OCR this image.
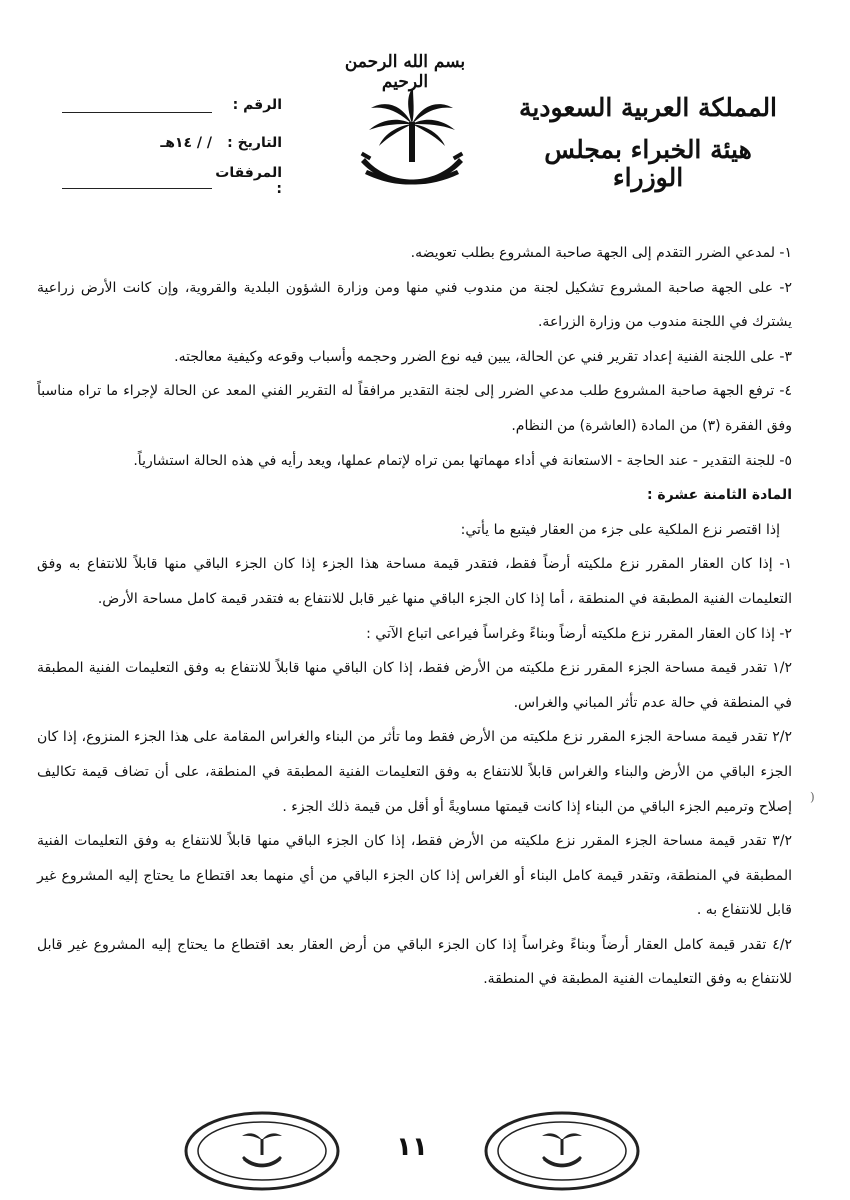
بسم الله الرحمن الرحيم
المملكة العربية السعودية
هيئة الخبراء بمجلس الوزراء
الرقم :
التاريخ :
/ / ١٤هـ
المرفقات :

١- لمدعي الضرر التقدم إلى الجهة صاحبة المشروع بطلب تعويضه.

٢- على الجهة صاحبة المشروع تشكيل لجنة من مندوب فني منها ومن وزارة الشؤون البلدية والقروية، وإن كانت الأرض زراعية يشترك في اللجنة مندوب من وزارة الزراعة.

٣- على اللجنة الفنية إعداد تقرير فني عن الحالة، يبين فيه نوع الضرر وحجمه وأسباب وقوعه وكيفية معالجته.

٤- ترفع الجهة صاحبة المشروع طلب مدعي الضرر إلى لجنة التقدير مرافقاً له التقرير الفني المعد عن الحالة لإجراء ما تراه مناسباً وفق الفقرة (٣) من المادة (العاشرة) من النظام.

٥- للجنة التقدير - عند الحاجة - الاستعانة في أداء مهماتها بمن تراه لإتمام عملها، ويعد رأيه في هذه الحالة استشارياً.

المادة الثامنة عشرة :

إذا اقتصر نزع الملكية على جزء من العقار فيتبع ما يأتي:

١- إذا كان العقار المقرر نزع ملكيته أرضاً فقط، فتقدر قيمة مساحة هذا الجزء إذا كان الجزء الباقي منها قابلاً للانتفاع به وفق التعليمات الفنية المطبقة في المنطقة ، أما إذا كان الجزء الباقي منها غير قابل للانتفاع به فتقدر قيمة كامل مساحة الأرض.

٢- إذا كان العقار المقرر نزع ملكيته أرضاً وبناءً وغراساً فيراعى اتباع الآتي :

١/٢ تقدر قيمة مساحة الجزء المقرر نزع ملكيته من الأرض فقط، إذا كان الباقي منها قابلاً للانتفاع به وفق التعليمات الفنية المطبقة في المنطقة في حالة عدم تأثر المباني والغراس.

٢/٢ تقدر قيمة مساحة الجزء المقرر نزع ملكيته من الأرض فقط وما تأثر من البناء والغراس المقامة على هذا الجزء المنزوع، إذا كان الجزء الباقي من الأرض والبناء والغراس قابلاً للانتفاع به وفق التعليمات الفنية المطبقة في المنطقة، على أن تضاف قيمة تكاليف إصلاح وترميم الجزء الباقي من البناء إذا كانت قيمتها مساويةً أو أقل من قيمة ذلك الجزء .

٣/٢ تقدر قيمة مساحة الجزء المقرر نزع ملكيته من الأرض فقط، إذا كان الجزء الباقي منها قابلاً للانتفاع به وفق التعليمات الفنية المطبقة في المنطقة، وتقدر قيمة كامل البناء أو الغراس إذا كان الجزء الباقي من أي منهما بعد اقتطاع ما يحتاج إليه المشروع غير قابل للانتفاع به .

٤/٢ تقدر قيمة كامل العقار أرضاً وبناءً وغراساً إذا كان الجزء الباقي من أرض العقار بعد اقتطاع ما يحتاج إليه المشروع غير قابل للانتفاع به وفق التعليمات الفنية المطبقة في المنطقة.

(
١١
